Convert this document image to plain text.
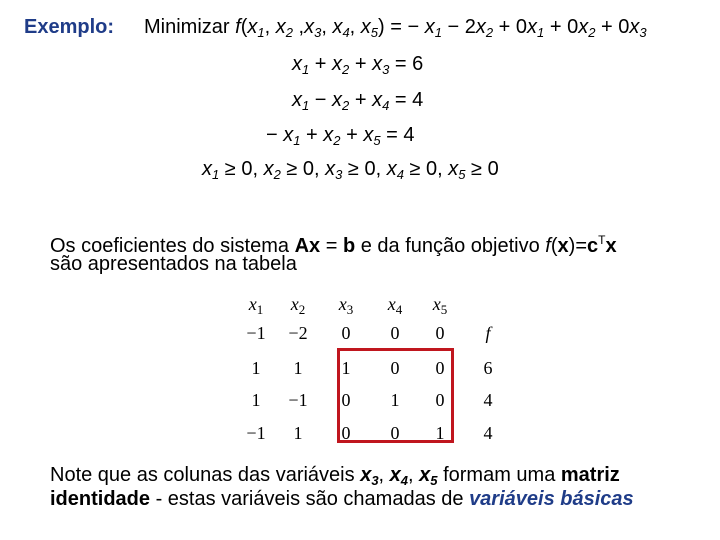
Exemplo: Minimizar $f(x_1$, $x_2$ $,x_3$, $x_4$, $x_5$) = − $x_1 - 2x_2 + 0x_1 + 0x_2 + 0x_3$
$x_1 + x_2 + x_3 = 6$
$x_1 - x_2 + x_4 = 4$
− $x_1 + x_2 + x_5 = 4$
$x_1 \ge 0$, $x_2 \ge 0$, $x_3 \ge 0$, $x_4 \ge 0$, $x_5 \ge 0$
Os coeficientes do sistema Ax = b e da função objetivo $f(x)=c^Tx$
são apresentados na tabela
$x_1$	$x_2$	$x_3$	$x_4$	$x_5$
−1	−2	0	0	0	f
1	1	1	0	0	6
1	−1	0	1	0	4
−1	1	0	0	1	4
Note que as colunas das variáveis $x_3$, $x_4$, $x_5$ formam uma matriz
identidade - estas variáveis são chamadas de variáveis básicas
